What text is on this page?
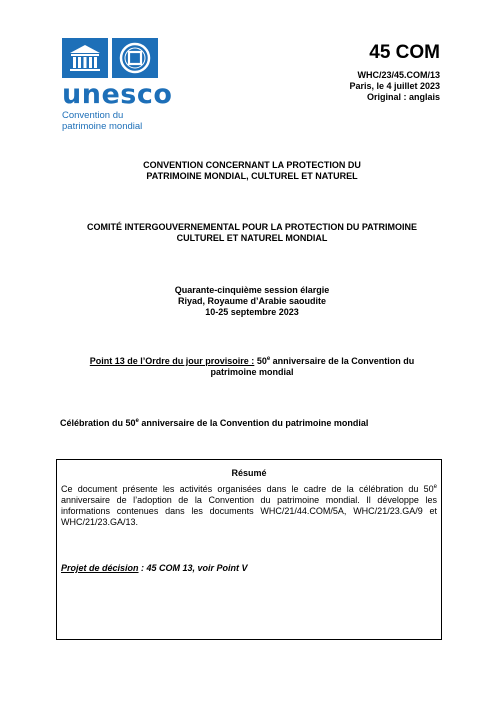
unesco
Convention du
patrimoine mondial
45 COM
WHC/23/45.COM/13
Paris, le 4 juillet 2023
Original : anglais
CONVENTION CONCERNANT LA PROTECTION DU
PATRIMOINE MONDIAL, CULTUREL ET NATUREL
COMITÉ INTERGOUVERNEMENTAL POUR LA PROTECTION DU PATRIMOINE
CULTUREL ET NATUREL MONDIAL
Quarante-cinquième session élargie
Riyad, Royaume d’Arabie saoudite
10-25 septembre 2023
Point 13 de l’Ordre du jour provisoire : 50e anniversaire de la Convention du
patrimoine mondial
Célébration du 50e anniversaire de la Convention du patrimoine mondial
Résumé
Ce document présente les activités organisées dans le cadre de la célébration du 50e anniversaire de l’adoption de la Convention du patrimoine mondial. Il développe les informations contenues dans les documents WHC/21/44.COM/5A, WHC/21/23.GA/9 et WHC/21/23.GA/13.
Projet de décision : 45 COM 13, voir Point V
